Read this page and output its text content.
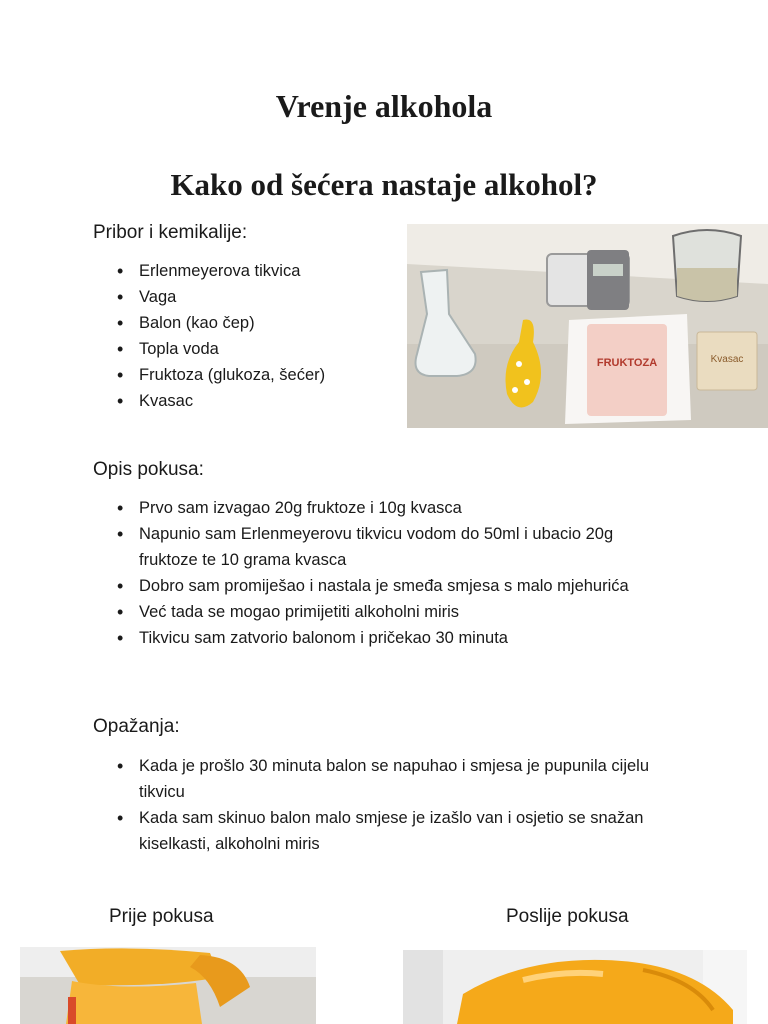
Vrenje alkohola
Kako od šećera nastaje alkohol?

Pribor i kemikalije:

• Erlenmeyerova tikvica
• Vaga
• Balon (kao čep)
• Topla voda
• Fruktoza (glukoza, šećer)
• Kvasac
FRUKTOZA	Kvasac

Opis pokusa:

• Prvo sam izvagao 20g fruktoze i 10g kvasca
• Napunio sam Erlenmeyerovu tikvicu vodom do 50ml i ubacio 20g fruktoze te 10 grama kvasca
• Dobro sam promiješao i nastala je smeđa smjesa s malo mjehurića
• Već tada se mogao primijetiti alkoholni miris
• Tikvicu sam zatvorio balonom i pričekao 30 minuta

Opažanja:

• Kada je prošlo 30 minuta balon se napuhao i smjesa je pupunila cijelu tikvicu
• Kada sam skinuo balon malo smjese je izašlo van i osjetio se snažan kiselkasti, alkoholni miris
Prije pokusa	Poslije pokusa
